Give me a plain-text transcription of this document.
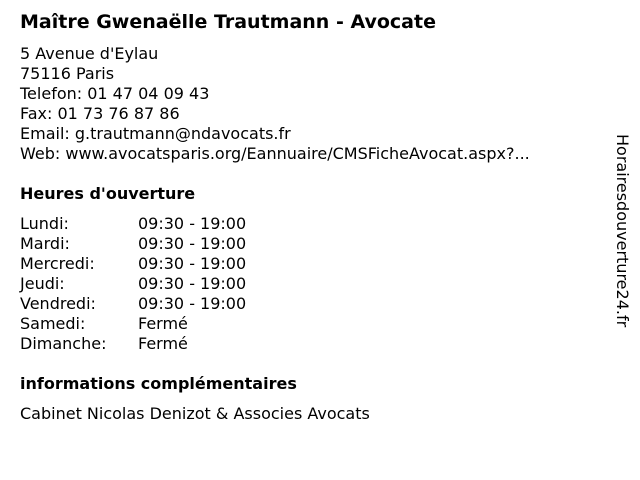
Maître Gwenaëlle Trautmann - Avocate
5 Avenue d'Eylau
75116 Paris
Telefon: 01 47 04 09 43
Fax: 01 73 76 87 86
Email: g.trautmann@ndavocats.fr
Web: www.avocatsparis.org/Eannuaire/CMSFicheAvocat.aspx?...
Heures d'ouverture
Lundi:	09:30 - 19:00
Mardi:	09:30 - 19:00
Mercredi:	09:30 - 19:00
Jeudi:	09:30 - 19:00
Vendredi:	09:30 - 19:00
Samedi:	Fermé
Dimanche: Fermé
informations complémentaires
Cabinet Nicolas Denizot & Associes Avocats
Horairesdouverture24.fr
